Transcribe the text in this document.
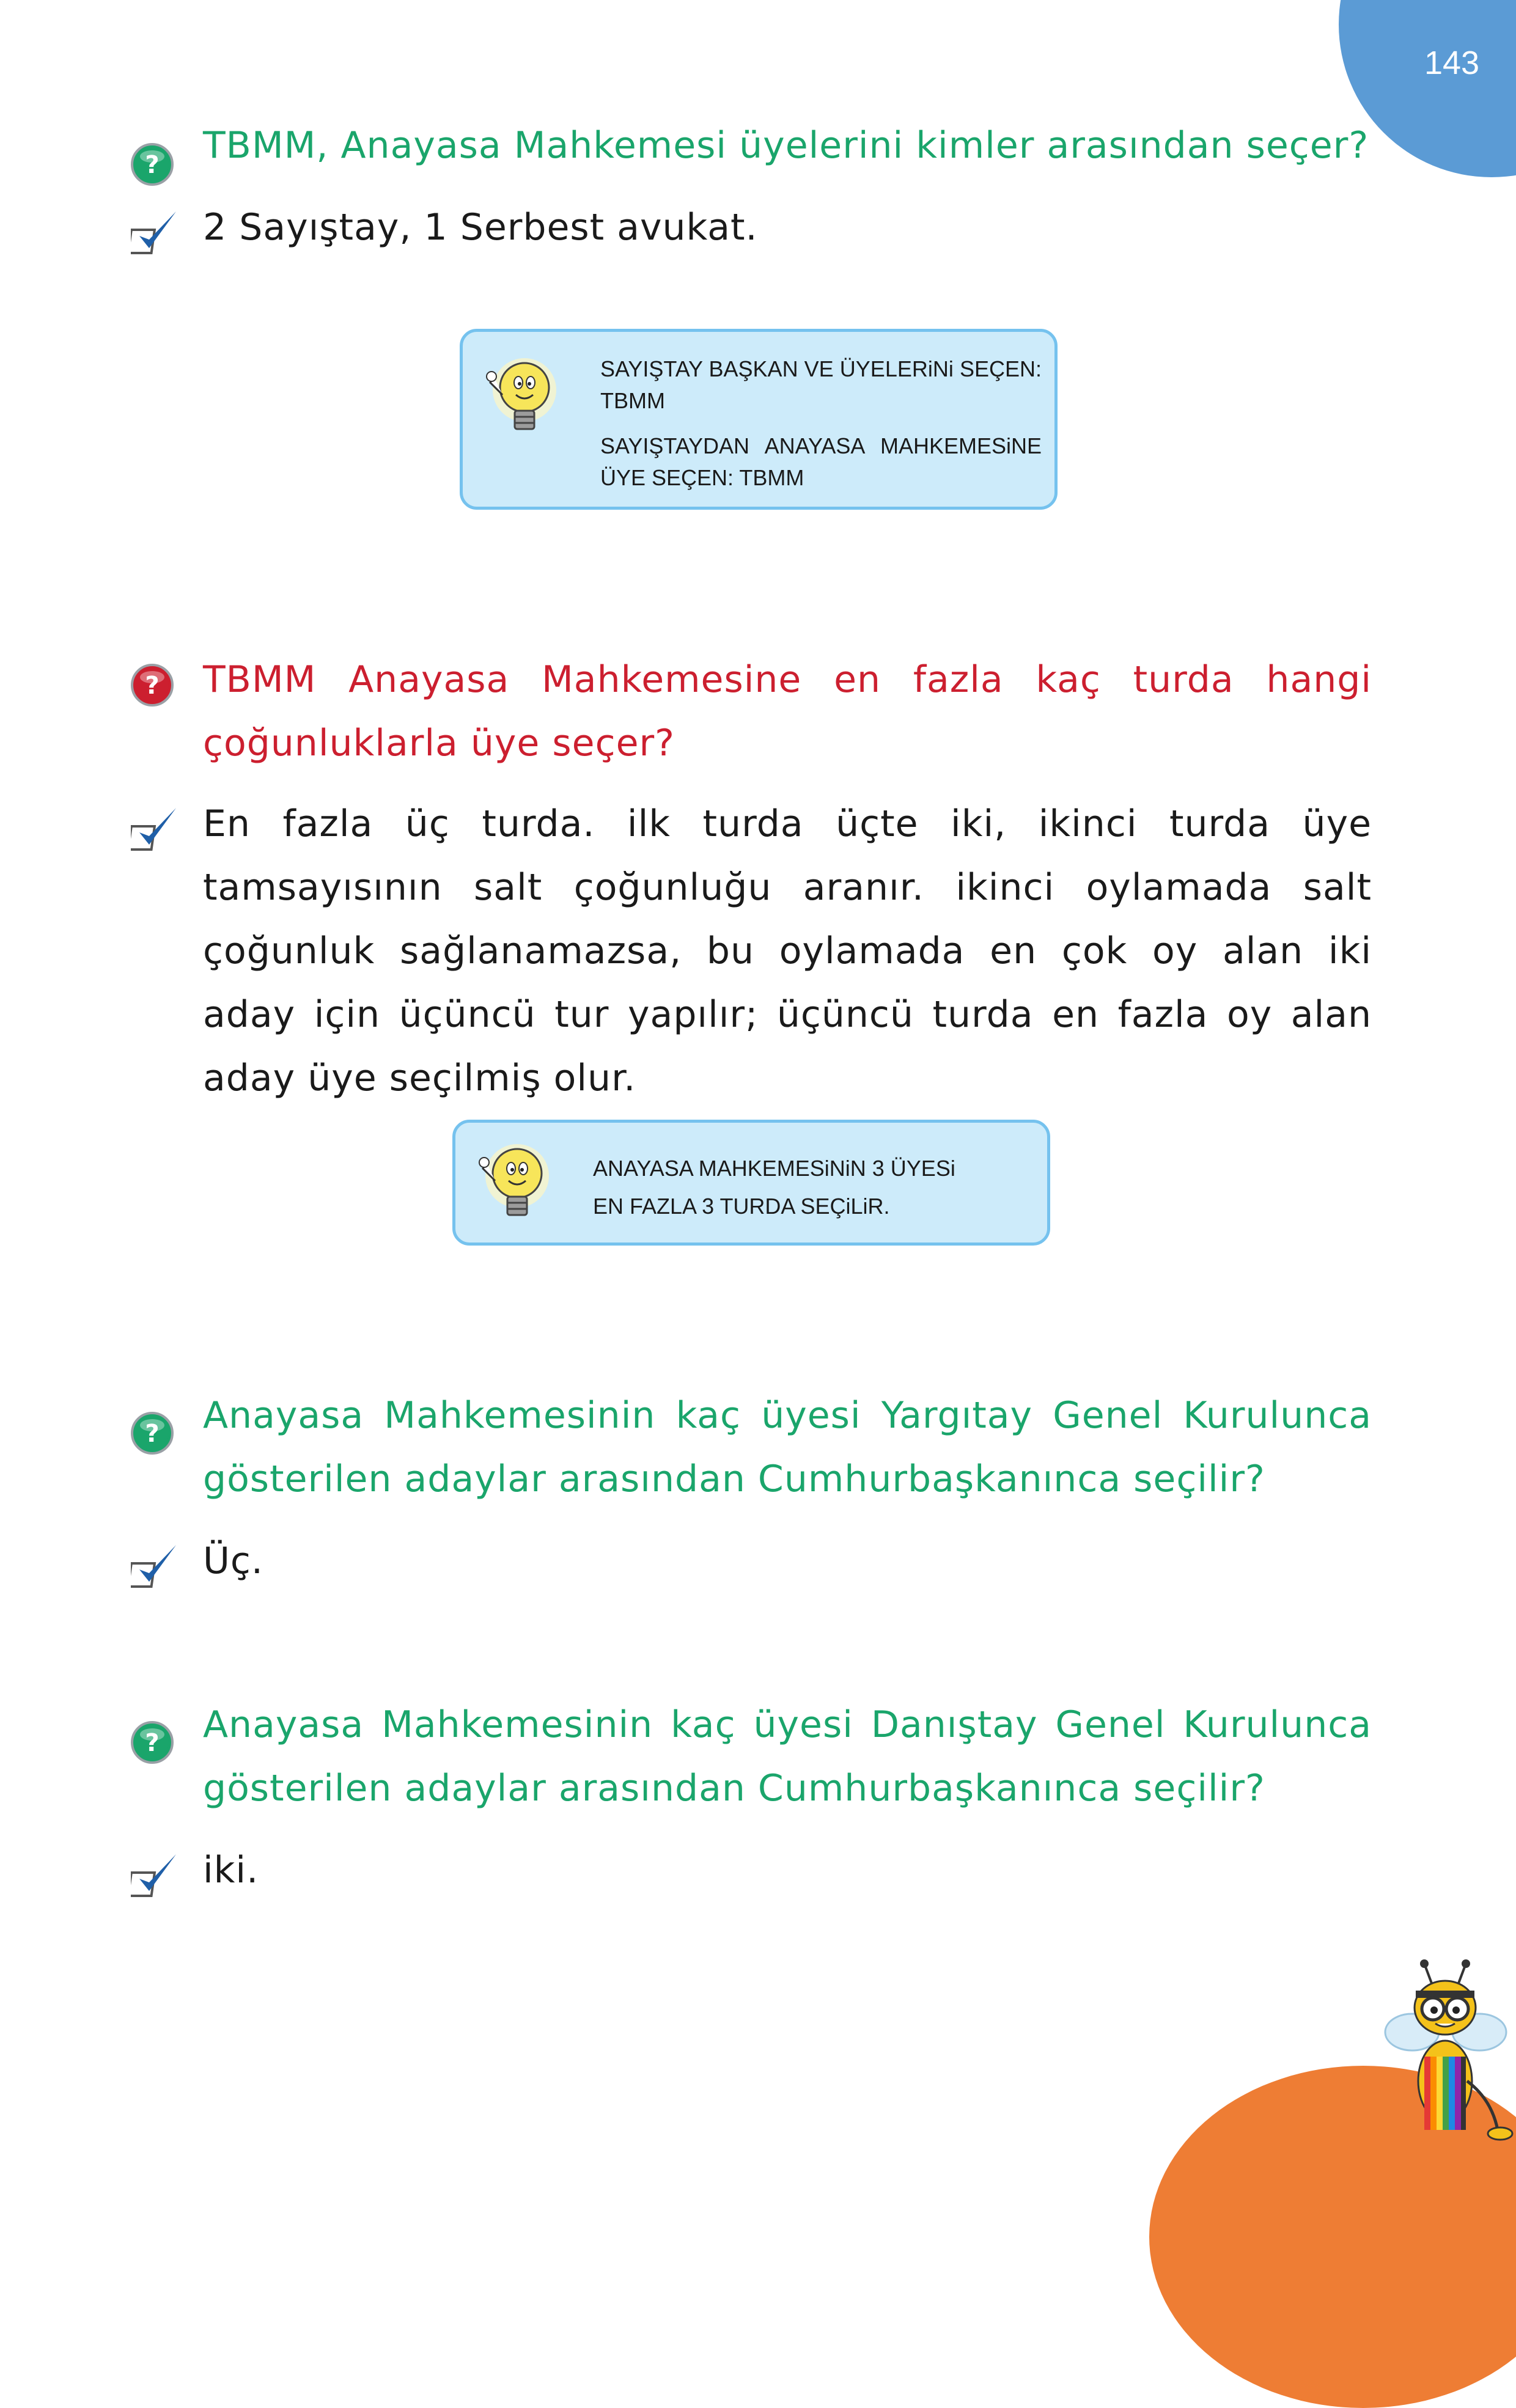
143
? TBMM, Anayasa Mahkemesi üyelerini kimler arasından seçer?
2 Sayıştay, 1 Serbest avukat.
SAYIŞTAY BAŞKAN VE ÜYELERiNi SEÇEN: TBMM
SAYIŞTAYDAN ANAYASA MAHKEMESiNE ÜYE SEÇEN: TBMM
? TBMM Anayasa Mahkemesine en fazla kaç turda hangi çoğunluklarla üye seçer?
En fazla üç turda. ilk turda üçte iki, ikinci turda üye tamsayısının salt çoğunluğu aranır. ikinci oylamada salt çoğunluk sağlanamazsa, bu oylamada en çok oy alan iki aday için üçüncü tur yapılır; üçüncü turda en fazla oy alan aday üye seçilmiş olur.
ANAYASA MAHKEMESiNiN 3 ÜYESi
EN FAZLA 3 TURDA SEÇiLiR.
? Anayasa Mahkemesinin kaç üyesi Yargıtay Genel Kurulunca gösterilen adaylar arasından Cumhurbaşkanınca seçilir?
Üç.
? Anayasa Mahkemesinin kaç üyesi Danıştay Genel Kurulunca gösterilen adaylar arasından Cumhurbaşkanınca seçilir?
iki.
